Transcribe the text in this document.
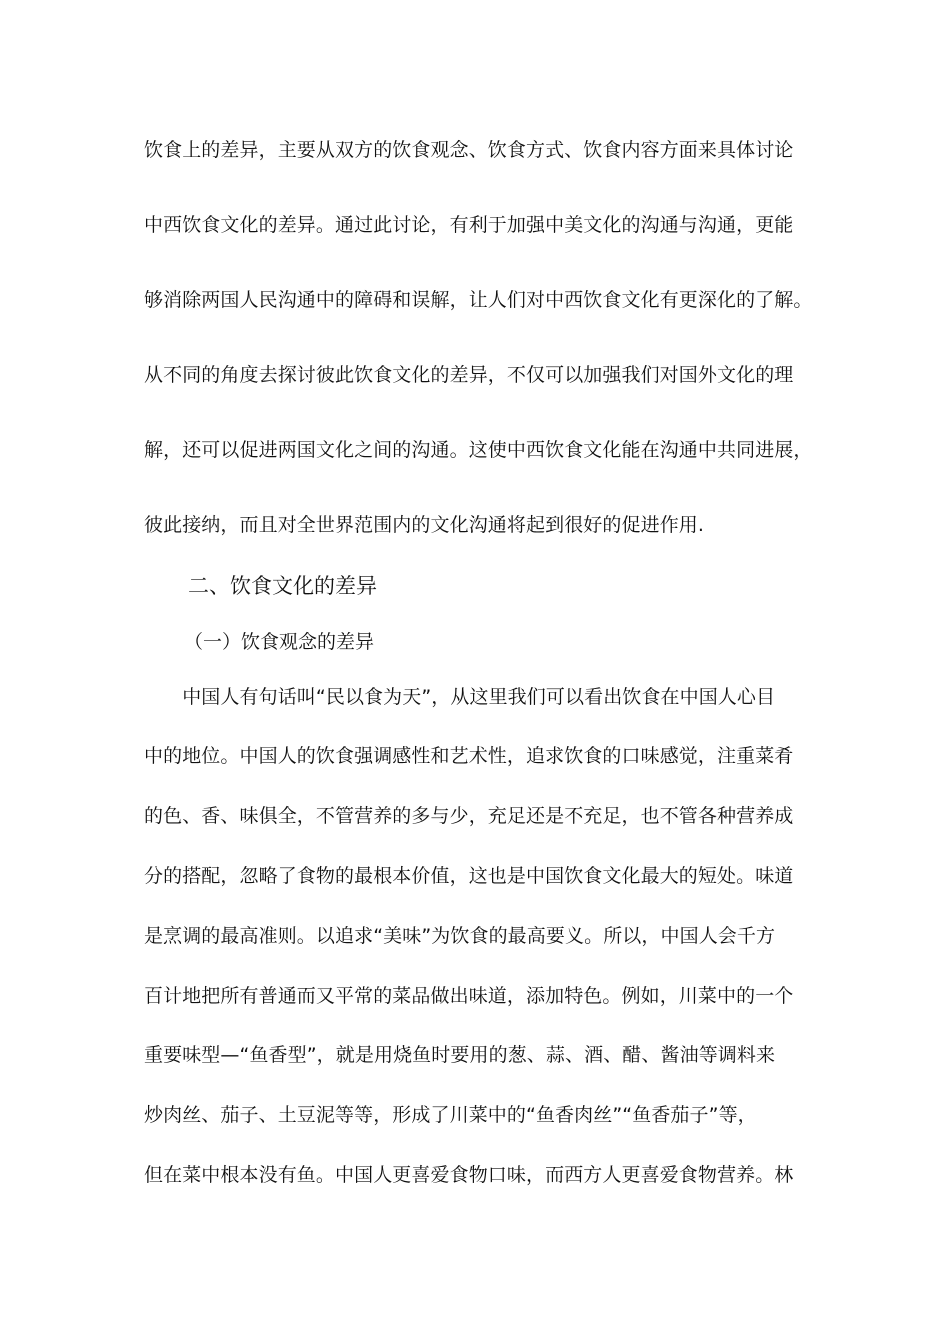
饮食上的差异，主要从双方的饮食观念、饮食方式、饮食内容方面来具体讨论
中西饮食文化的差异。通过此讨论，有利于加强中美文化的沟通与沟通，更能
够消除两国人民沟通中的障碍和误解，让人们对中西饮食文化有更深化的了解。
从不同的角度去探讨彼此饮食文化的差异，不仅可以加强我们对国外文化的理
解，还可以促进两国文化之间的沟通。这使中西饮食文化能在沟通中共同进展，
彼此接纳，而且对全世界范围内的文化沟通将起到很好的促进作用.
二、饮食文化的差异
（一）饮食观念的差异
　　中国人有句话叫“民以食为天”，从这里我们可以看出饮食在中国人心目
中的地位。中国人的饮食强调感性和艺术性，追求饮食的口味感觉，注重菜肴
的色、香、味俱全，不管营养的多与少，充足还是不充足，也不管各种营养成
分的搭配，忽略了食物的最根本价值，这也是中国饮食文化最大的短处。味道
是烹调的最高准则。以追求“美味”为饮食的最高要义。所以，中国人会千方
百计地把所有普通而又平常的菜品做出味道，添加特色。例如，川菜中的一个
重要味型—“鱼香型”，就是用烧鱼时要用的葱、蒜、酒、醋、酱油等调料来
炒肉丝、茄子、土豆泥等等，形成了川菜中的“鱼香肉丝”“鱼香茄子”等，
但在菜中根本没有鱼。中国人更喜爱食物口味，而西方人更喜爱食物营养。林
